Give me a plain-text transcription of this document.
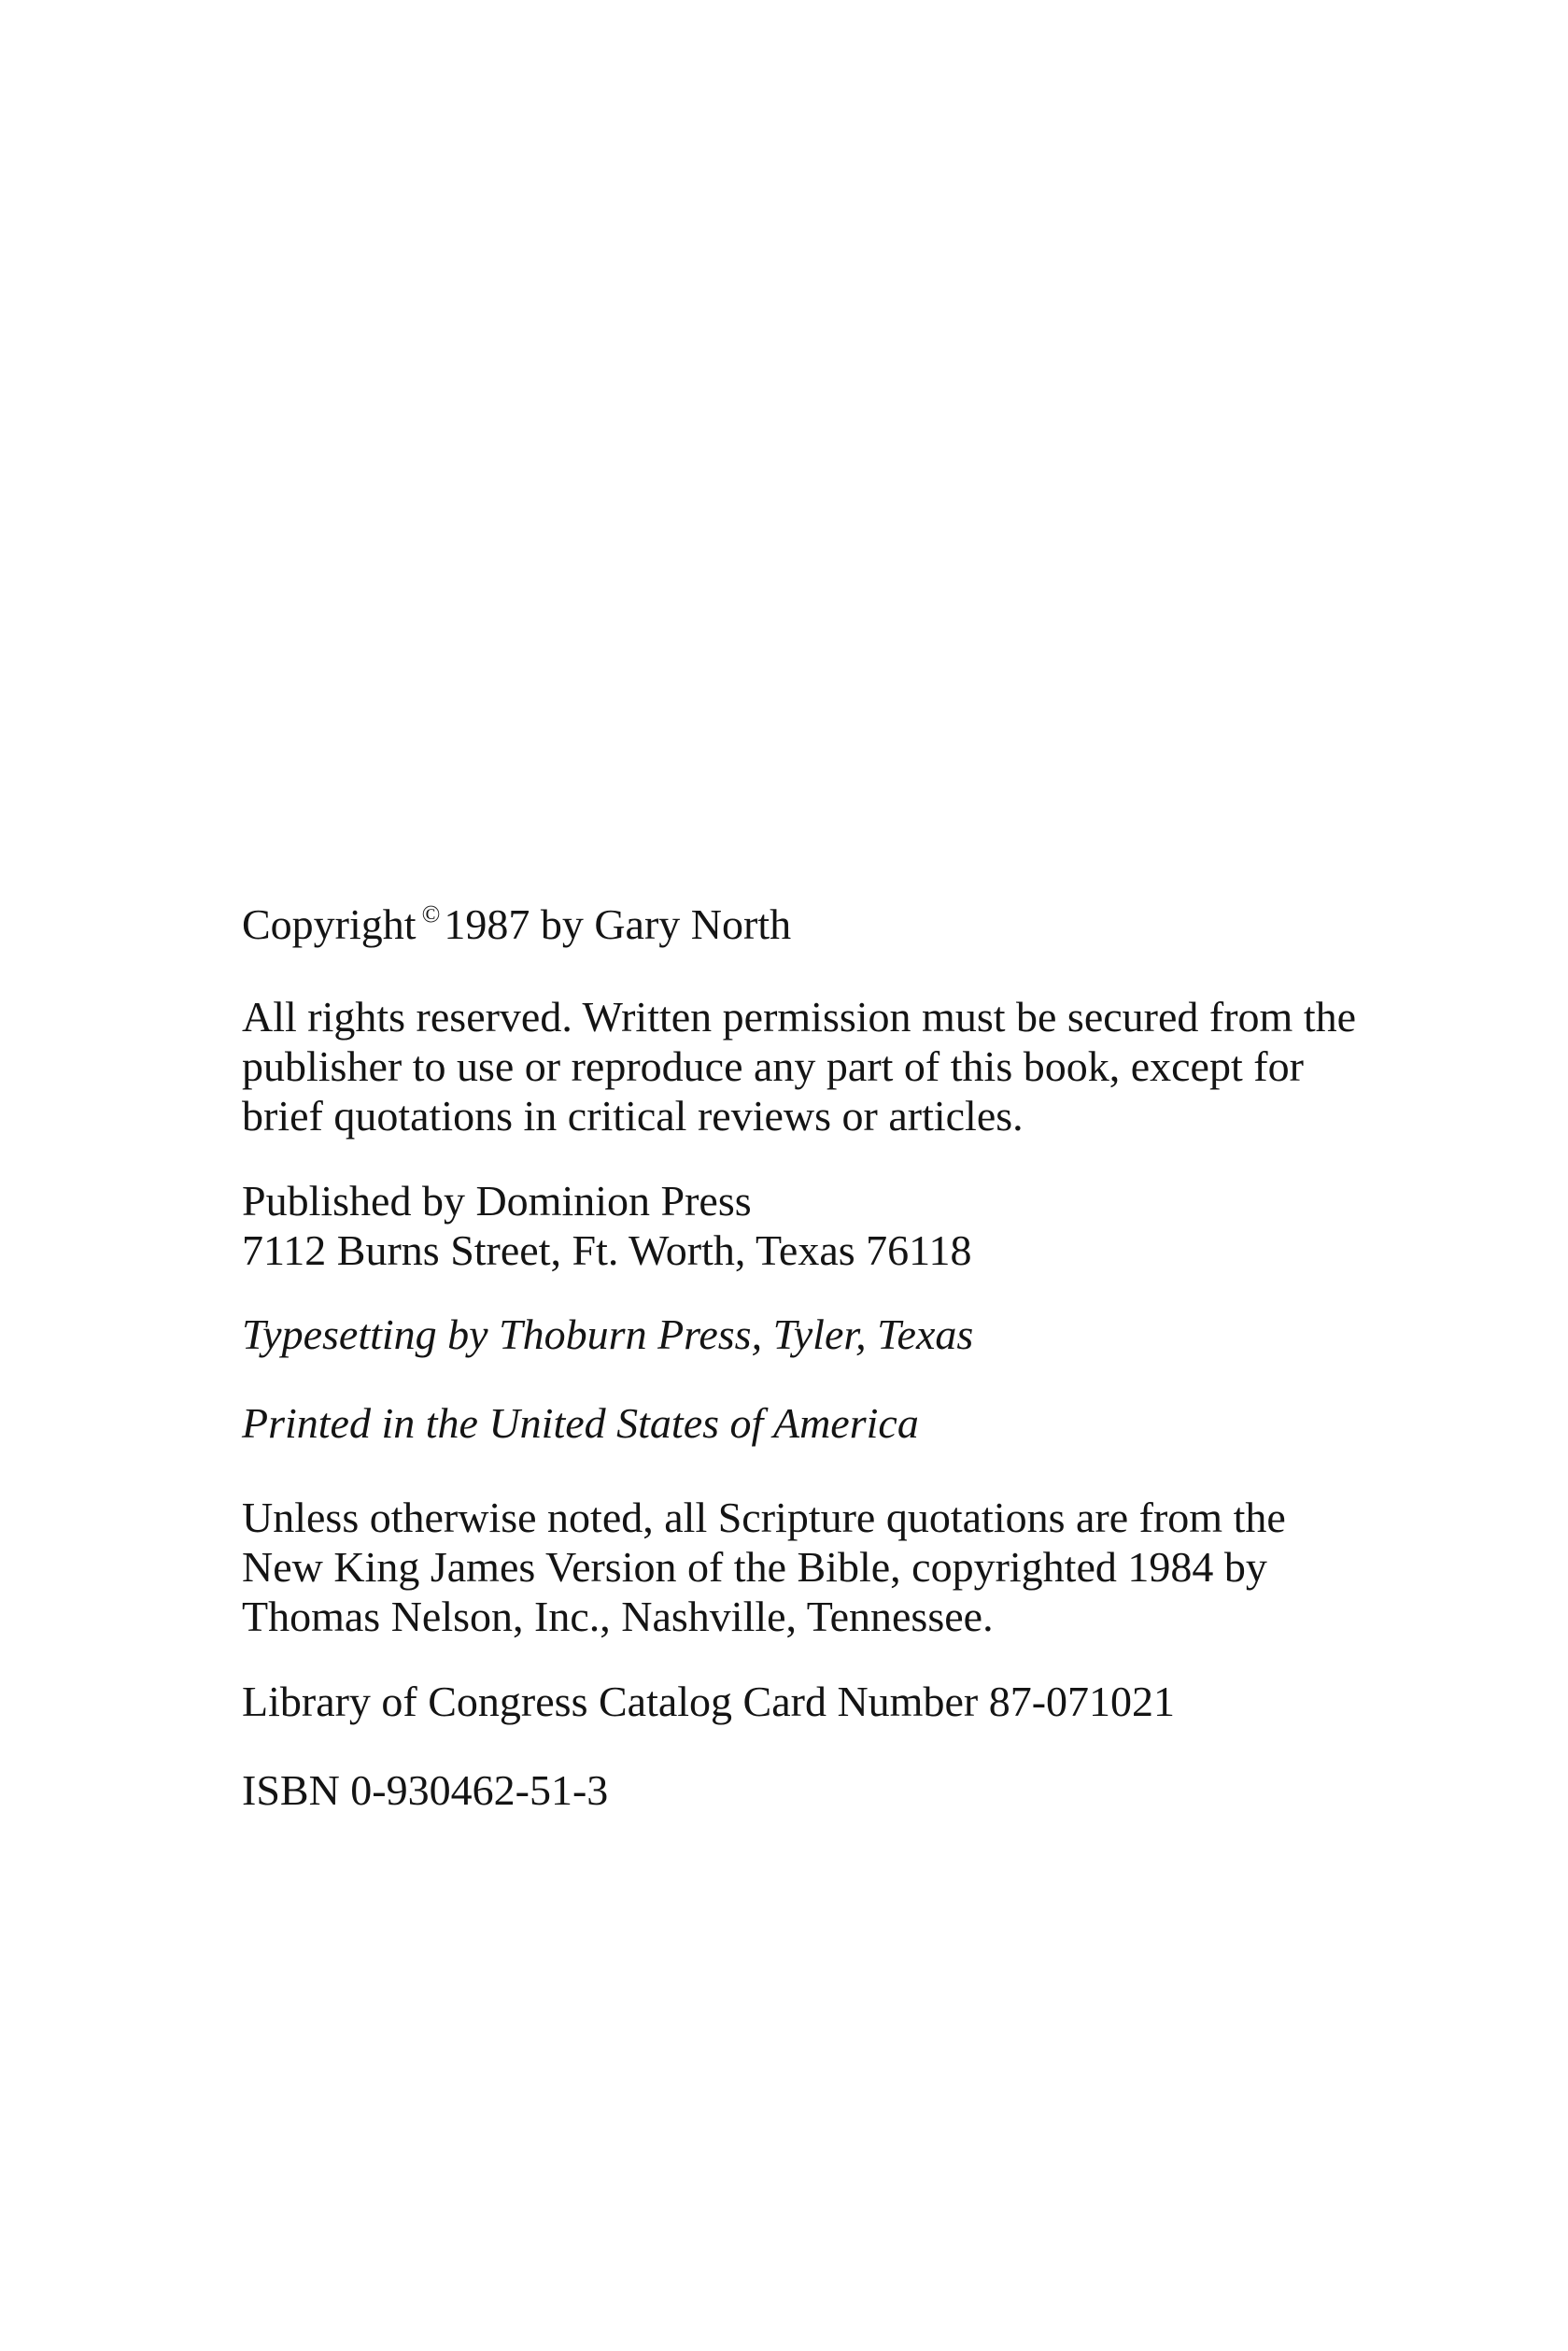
Copyright ©1987 by Gary North

All rights reserved. Written permission must be secured from the
publisher to use or reproduce any part of this book, except for
brief quotations in critical reviews or articles.

Published by Dominion Press
7112 Burns Street, Ft. Worth, Texas 76118

Typesetting by Thoburn Press, Tyler, Texas

Printed in the United States of America

Unless otherwise noted, all Scripture quotations are from the
New King James Version of the Bible, copyrighted 1984 by
Thomas Nelson, Inc., Nashville, Tennessee.

Library of Congress Catalog Card Number 87-071021

ISBN 0-930462-51-3
